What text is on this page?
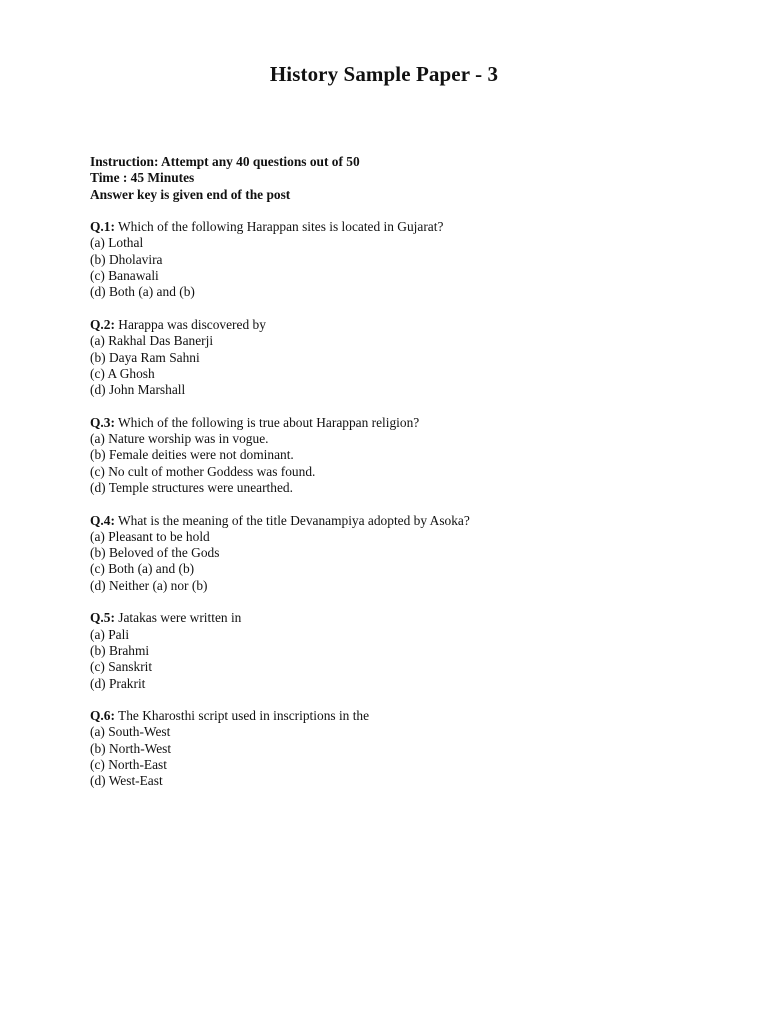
History Sample Paper - 3
Instruction: Attempt any 40 questions out of 50
Time : 45 Minutes
Answer key is given end of the post
Q.1: Which of the following Harappan sites is located in Gujarat?
(a) Lothal
(b) Dholavira
(c) Banawali
(d) Both (a) and (b)
Q.2: Harappa was discovered by
(a) Rakhal Das Banerji
(b) Daya Ram Sahni
(c) A Ghosh
(d) John Marshall
Q.3: Which of the following is true about Harappan religion?
(a) Nature worship was in vogue.
(b) Female deities were not dominant.
(c) No cult of mother Goddess was found.
(d) Temple structures were unearthed.
Q.4: What is the meaning of the title Devanampiya adopted by Asoka?
(a) Pleasant to be hold
(b) Beloved of the Gods
(c) Both (a) and (b)
(d) Neither (a) nor (b)
Q.5: Jatakas were written in
(a) Pali
(b) Brahmi
(c) Sanskrit
(d) Prakrit
Q.6: The Kharosthi script used in inscriptions in the
(a) South-West
(b) North-West
(c) North-East
(d) West-East
